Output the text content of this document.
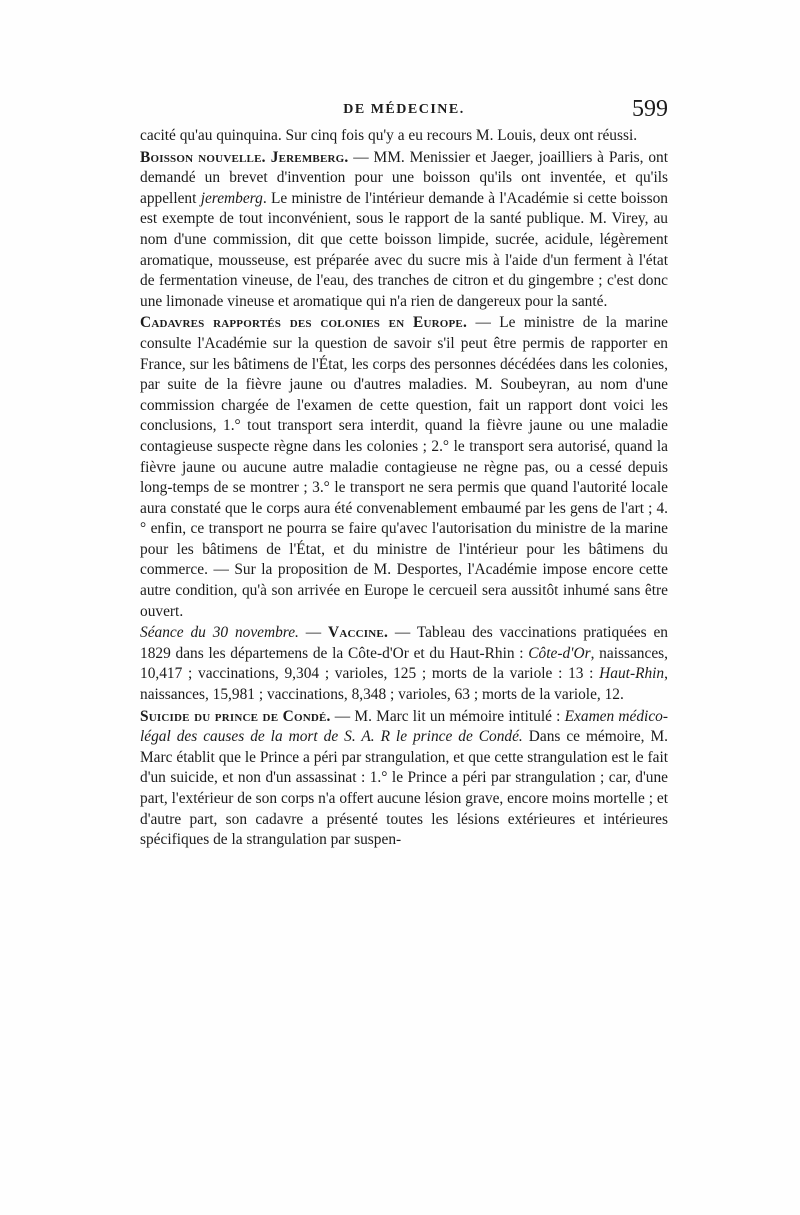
DE MÉDECINE.	599

cacité qu'au quinquina. Sur cinq fois qu'y a eu recours M. Louis, deux ont réussi.

Boisson nouvelle. Jeremberg. — MM. Menissier et Jaeger, joailliers à Paris, ont demandé un brevet d'invention pour une boisson qu'ils ont inventée, et qu'ils appellent jeremberg. Le ministre de l'intérieur demande à l'Académie si cette boisson est exempte de tout inconvénient, sous le rapport de la santé publique. M. Virey, au nom d'une commission, dit que cette boisson limpide, sucrée, acidule, légèrement aromatique, mousseuse, est préparée avec du sucre mis à l'aide d'un ferment à l'état de fermentation vineuse, de l'eau, des tranches de citron et du gingembre ; c'est donc une limonade vineuse et aromatique qui n'a rien de dangereux pour la santé.

Cadavres rapportés des colonies en Europe. — Le ministre de la marine consulte l'Académie sur la question de savoir s'il peut être permis de rapporter en France, sur les bâtimens de l'État, les corps des personnes décédées dans les colonies, par suite de la fièvre jaune ou d'autres maladies. M. Soubeyran, au nom d'une commission chargée de l'examen de cette question, fait un rapport dont voici les conclusions, 1.° tout transport sera interdit, quand la fièvre jaune ou une maladie contagieuse suspecte règne dans les colonies ; 2.° le transport sera autorisé, quand la fièvre jaune ou aucune autre maladie contagieuse ne règne pas, ou a cessé depuis long-temps de se montrer ; 3.° le transport ne sera permis que quand l'autorité locale aura constaté que le corps aura été convenablement embaumé par les gens de l'art ; 4.° enfin, ce transport ne pourra se faire qu'avec l'autorisation du ministre de la marine pour les bâtimens de l'État, et du ministre de l'intérieur pour les bâtimens du commerce. — Sur la proposition de M. Desportes, l'Académie impose encore cette autre condition, qu'à son arrivée en Europe le cercueil sera aussitôt inhumé sans être ouvert.

Séance du 30 novembre. — Vaccine. — Tableau des vaccinations pratiquées en 1829 dans les départemens de la Côte-d'Or et du Haut-Rhin : Côte-d'Or, naissances, 10,417 ; vaccinations, 9,304 ; varioles, 125 ; morts de la variole : 13 : Haut-Rhin, naissances, 15,981 ; vaccinations, 8,348 ; varioles, 63 ; morts de la variole, 12.

Suicide du prince de Condé. — M. Marc lit un mémoire intitulé : Examen médico-légal des causes de la mort de S. A. R le prince de Condé. Dans ce mémoire, M. Marc établit que le Prince a péri par strangulation, et que cette strangulation est le fait d'un suicide, et non d'un assassinat : 1.° le Prince a péri par strangulation ; car, d'une part, l'extérieur de son corps n'a offert aucune lésion grave, encore moins mortelle ; et d'autre part, son cadavre a présenté toutes les lésions extérieures et intérieures spécifiques de la strangulation par suspen-
